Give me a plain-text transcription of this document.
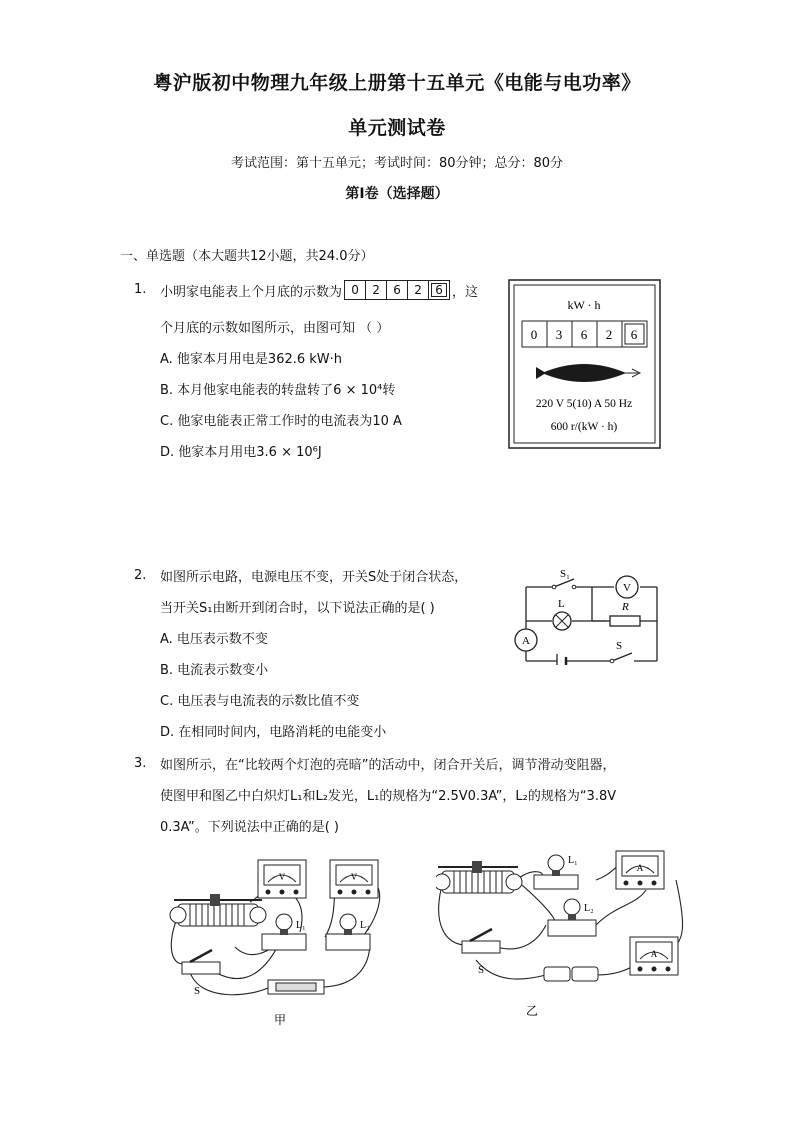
粤沪版初中物理九年级上册第十五单元《电能与电功率》
单元测试卷
考试范围：第十五单元；考试时间：80分钟；总分：80分
第Ⅰ卷（选择题）
一、单选题（本大题共12小题，共24.0分）
1. 小明家电能表上个月底的示数为 0	2	6	2	6 ，这
个月底的示数如图所示，由图可知 （ ）
A. 他家本月用电是362.6 kW·h
B. 本月他家电能表的转盘转了6 × 10⁴转
C. 他家电能表正常工作时的电流表为10 A
D. 他家本月用电3.6 × 10⁶J
kW · h
0 3 6 2 6
220 V 5(10) A 50 Hz
600 r/(kW · h)
2. 如图所示电路，电源电压不变，开关S处于闭合状态，
当开关S₁由断开到闭合时，以下说法正确的是( )
A. 电压表示数不变
B. 电流表示数变小
C. 电压表与电流表的示数比值不变
D. 在相同时间内，电路消耗的电能变小
S₁
V
L	R
A	S
3. 如图所示，在“比较两个灯泡的亮暗”的活动中，闭合开关后，调节滑动变阻器，
使图甲和图乙中白炽灯L₁和L₂发光，L₁的规格为“2.5V0.3A”，L₂的规格为“3.8V
0.3A”。下列说法中正确的是( )
S
V	V
L₁	L₂
甲
L₁
L₂
A
A
S
乙
